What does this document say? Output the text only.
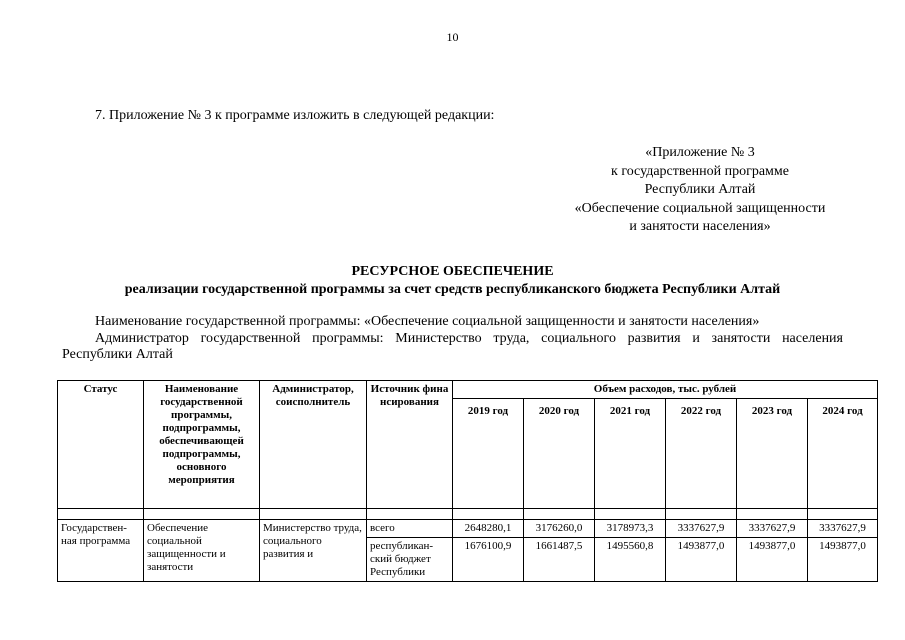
10
7. Приложение № 3 к программе изложить в следующей редакции:
«Приложение № 3
к государственной программе
Республики Алтай
«Обеспечение социальной защищенности
и занятости населения»
РЕСУРСНОЕ ОБЕСПЕЧЕНИЕ
реализации государственной программы за счет средств республиканского бюджета Республики Алтай
Наименование государственной программы: «Обеспечение социальной защищенности и занятости населения»
Администратор государственной программы: Министерство труда, социального развития и занятости населения
Республики Алтай
Статус	Наименование государственной программы, подпрограммы, обеспечивающей подпрограммы, основного мероприятия	Администратор, соисполнитель	Источник финансирования	Объем расходов, тыс. рублей					
				2019 год	2020 год	2021 год	2022 год	2023 год	2024 год

Государствен-ная программа	Обеспечение социальной защищенности и занятости	Министерство труда, социального развития и	всего	2648280,1	3176260,0	3178973,3	3337627,9	3337627,9	3337627,9
			республикан-ский бюджет Республики	1676100,9	1661487,5	1495560,8	1493877,0	1493877,0	1493877,0
